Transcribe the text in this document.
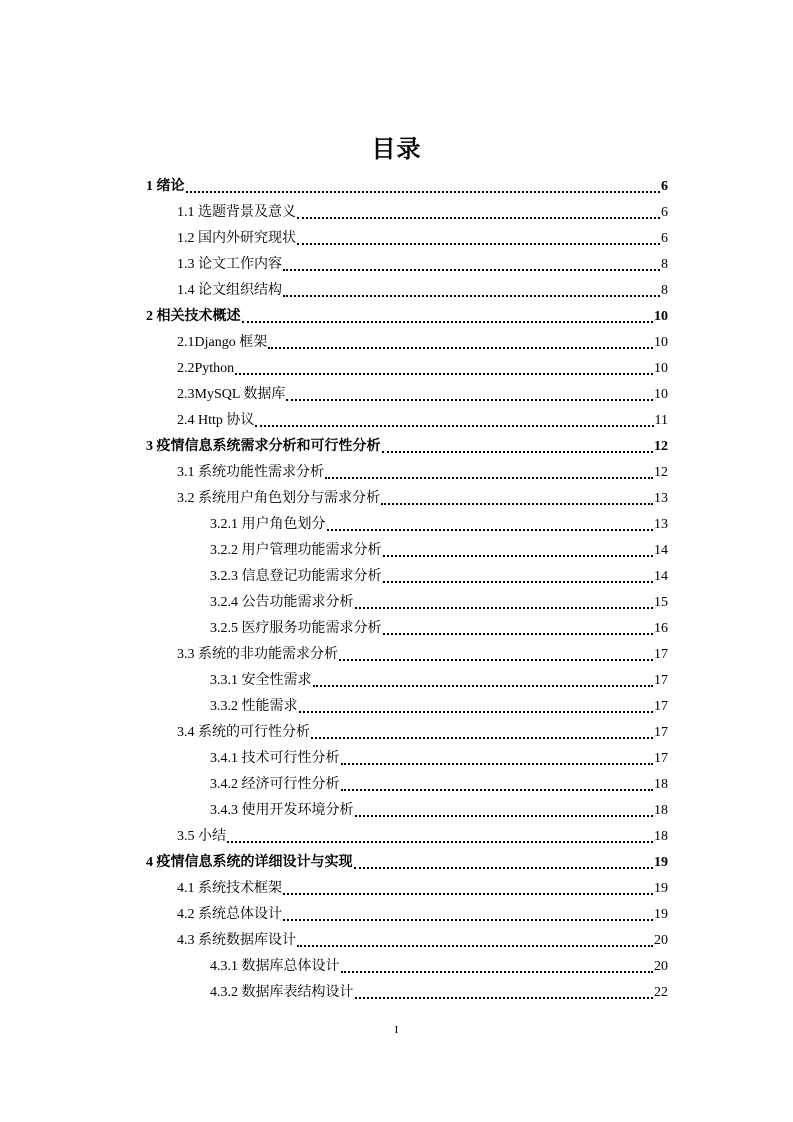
目录
1 绪论	6
1.1 选题背景及意义	6
1.2 国内外研究现状	6
1.3 论文工作内容	8
1.4 论文组织结构	8
2 相关技术概述	10
2.1Django 框架	10
2.2Python	10
2.3MySQL 数据库	10
2.4 Http 协议	11
3 疫情信息系统需求分析和可行性分析	12
3.1 系统功能性需求分析	12
3.2 系统用户角色划分与需求分析	13
3.2.1 用户角色划分	13
3.2.2 用户管理功能需求分析	14
3.2.3 信息登记功能需求分析	14
3.2.4 公告功能需求分析	15
3.2.5 医疗服务功能需求分析	16
3.3 系统的非功能需求分析	17
3.3.1 安全性需求	17
3.3.2 性能需求	17
3.4 系统的可行性分析	17
3.4.1 技术可行性分析	17
3.4.2 经济可行性分析	18
3.4.3 使用开发环境分析	18
3.5 小结	18
4 疫情信息系统的详细设计与实现	19
4.1 系统技术框架	19
4.2 系统总体设计	19
4.3 系统数据库设计	20
4.3.1 数据库总体设计	20
4.3.2 数据库表结构设计	22
I
